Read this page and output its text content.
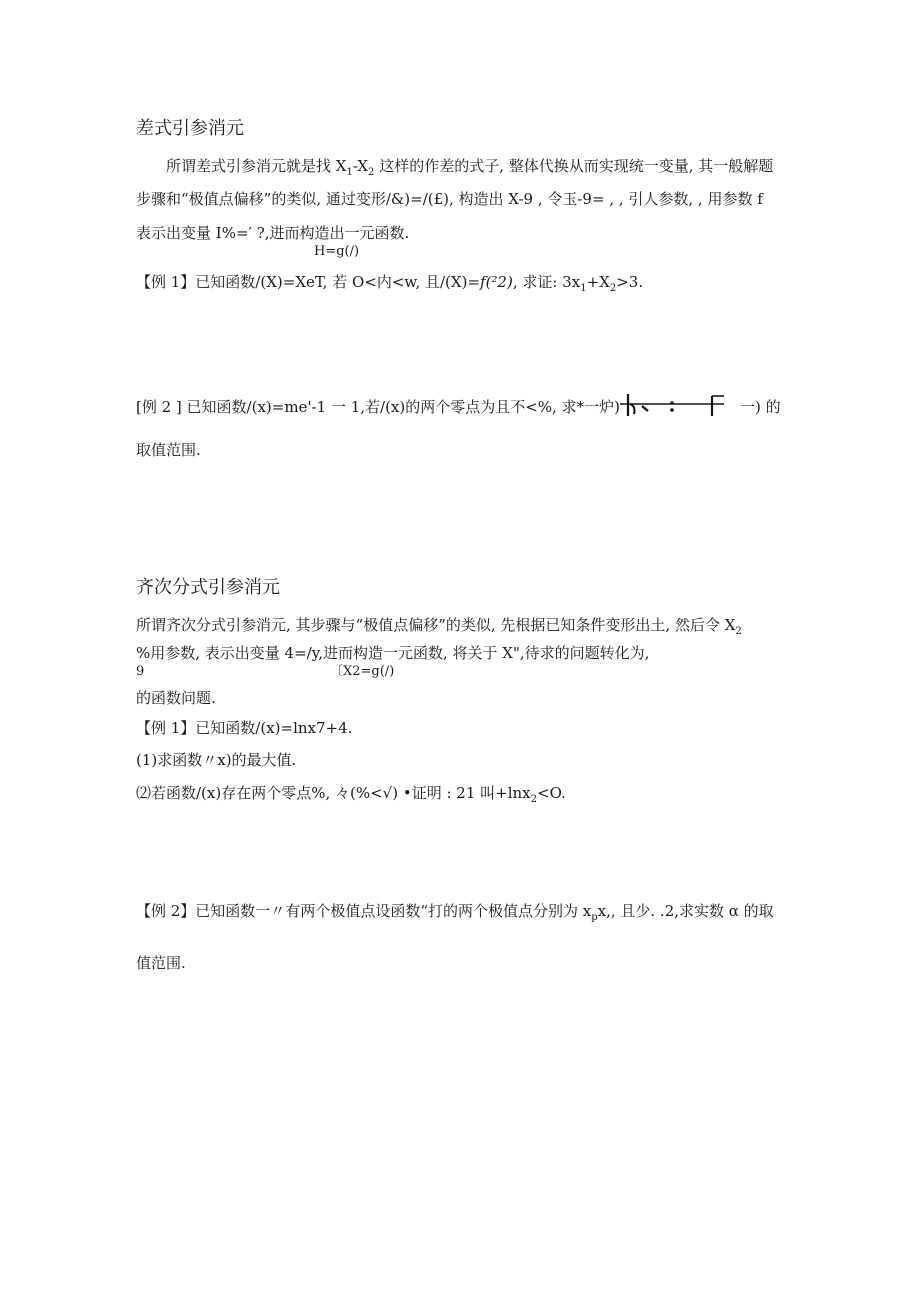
差式引参消元
所谓差式引参消元就是找 $X_1-X_2$ 这样的作差的式子, 整体代换从而实现统一变量, 其一般解题
步骤和“极值点偏移”的类似, 通过变形/&)=/(£), 构造出 X-9 , 令玉-9= , , 引人参数, , 用参数 f
表示出变量 I%=′ ?,进而构造出一元函数.
H=g(/)
【例 1】已知函数/(X)=XeT, 若 O<内<w, 且/(X)=f(²2), 求证: $3x_1+X_2>3$.
[例 2 ] 已知函数/(x)=me'-1 一 1,若/(x)的两个零点为且不<%, 求*一炉)	一) 的
取值范围.
齐次分式引参消元
所谓齐次分式引参消元, 其步骤与“极值点偏移”的类似, 先根据已知条件变形出土, 然后令 $X_2$
%用参数, 表示出变量 4=/y,进而构造一元函数, 将关于 X",待求的问题转化为,
9	〔X2=g(/)
的函数问题.
【例 1】已知函数/(x)=lnx7+4.
(1)求函数〃x)的最大值.
⑵若函数/(x)存在两个零点%, 々(%<√) •证明 : 21 叫+lnx$_2$<O.
【例 2】已知函数一〃有两个极值点设函数“打的两个极值点分别为 $x_px$,, 且少. .2,求实数 α 的取
值范围.
